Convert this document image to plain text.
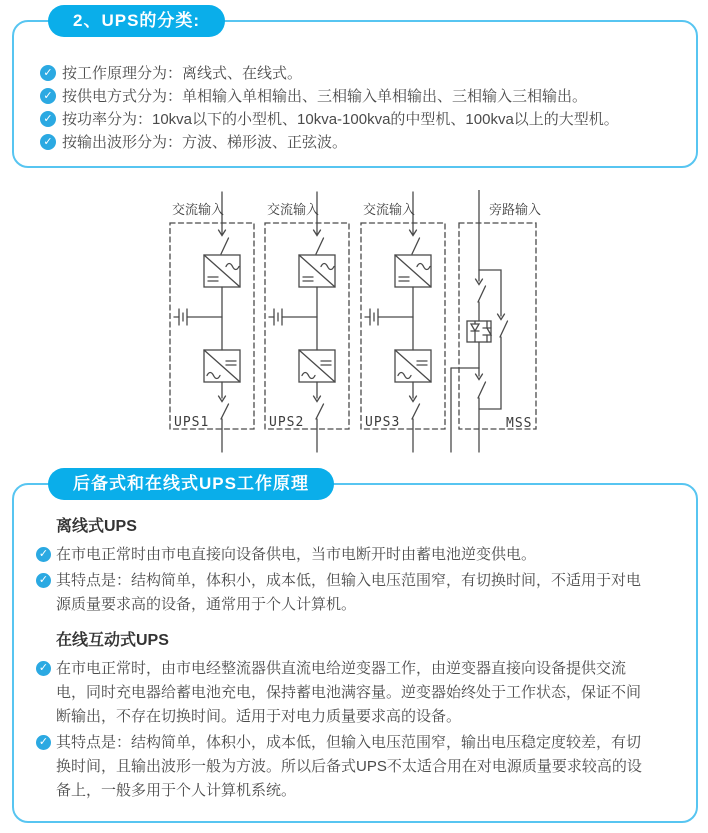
2、UPS的分类:
✓ 按工作原理分为：离线式、在线式。
✓ 按供电方式分为：单相输入单相输出、三相输入单相输出、三相输入三相输出。
✓ 按功率分为：10kva以下的小型机、10kva-100kva的中型机、100kva以上的大型机。
✓ 按输出波形分为：方波、梯形波、正弦波。
交流输入	交流输入	交流输入
UPS1	UPS2	UPS3
旁路输入
MSS
后备式和在线式UPS工作原理
离线式UPS
✓ 在市电正常时由市电直接向设备供电，当市电断开时由蓄电池逆变供电。
✓ 其特点是：结构简单，体积小，成本低，但输入电压范围窄，有切换时间，不适用于对电源质量要求高的设备，通常用于个人计算机。
在线互动式UPS
✓ 在市电正常时，由市电经整流器供直流电给逆变器工作，由逆变器直接向设备提供交流电，同时充电器给蓄电池充电，保持蓄电池满容量。逆变器始终处于工作状态，保证不间断输出，不存在切换时间。适用于对电力质量要求高的设备。
✓ 其特点是：结构简单，体积小，成本低，但输入电压范围窄，输出电压稳定度较差，有切换时间，且输出波形一般为方波。所以后备式UPS不太适合用在对电源质量要求较高的设备上，一般多用于个人计算机系统。
